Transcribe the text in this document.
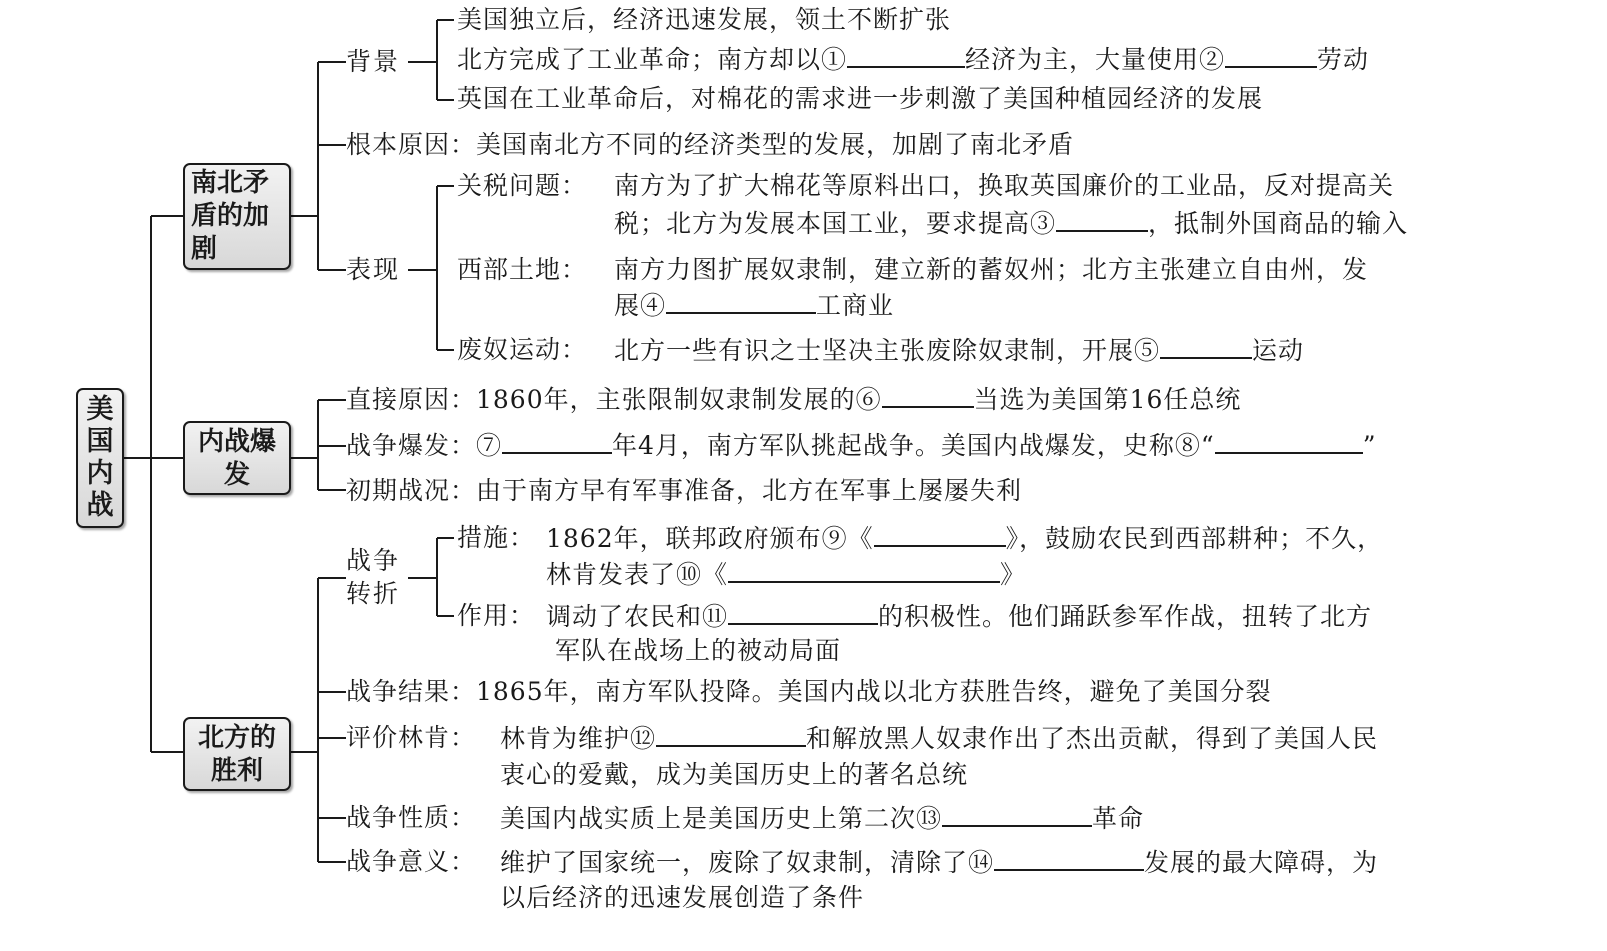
美国内战
南北矛盾的加剧
内战爆发
北方的胜利
背景
美国独立后，经济迅速发展，领土不断扩张
北方完成了工业革命；南方却以①	经济为主，大量使用②	劳动
英国在工业革命后，对棉花的需求进一步刺激了美国种植园经济的发展
根本原因：美国南北方不同的经济类型的发展，加剧了南北矛盾
表现
关税问题： 南方为了扩大棉花等原料出口，换取英国廉价的工业品，反对提高关
税；北方为发展本国工业，要求提高③	，抵制外国商品的输入
西部土地： 南方力图扩展奴隶制，建立新的蓄奴州；北方主张建立自由州，发
展④	工商业
废奴运动： 北方一些有识之士坚决主张废除奴隶制，开展⑤	运动
直接原因：1860年，主张限制奴隶制发展的⑥	当选为美国第16任总统
战争爆发：⑦	年4月，南方军队挑起战争。美国内战爆发，史称⑧“	”
初期战况：由于南方早有军事准备，北方在军事上屡屡失利
战争转折
措施： 1862年，联邦政府颁布⑨《	》，鼓励农民到西部耕种；不久，
林肯发表了⑩《	》
作用： 调动了农民和⑪	的积极性。他们踊跃参军作战，扭转了北方
军队在战场上的被动局面
战争结果：1865年，南方军队投降。美国内战以北方获胜告终，避免了美国分裂
评价林肯： 林肯为维护⑫	和解放黑人奴隶作出了杰出贡献，得到了美国人民
衷心的爱戴，成为美国历史上的著名总统
战争性质： 美国内战实质上是美国历史上第二次⑬	革命
战争意义： 维护了国家统一，废除了奴隶制，清除了⑭	发展的最大障碍，为
以后经济的迅速发展创造了条件
